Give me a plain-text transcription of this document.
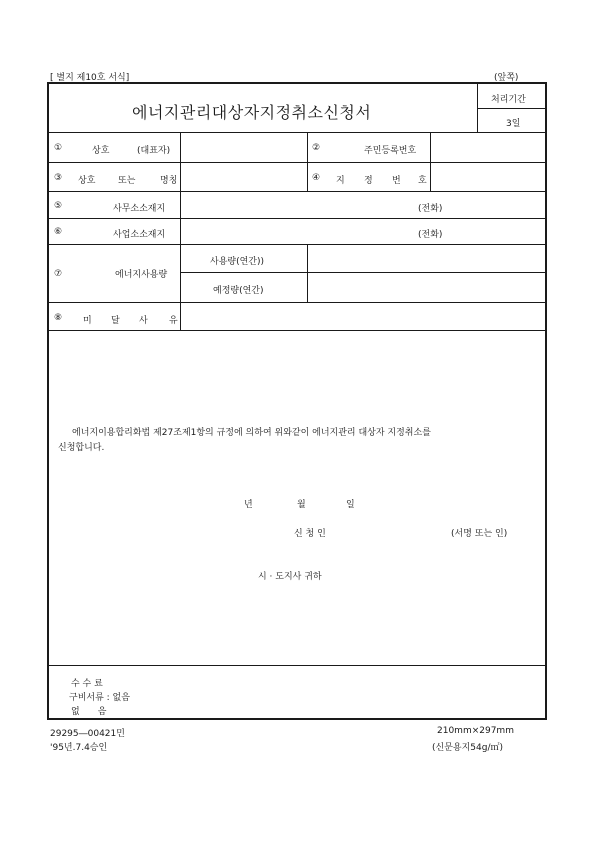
[ 별지 제10호 서식]	(앞쪽)
에너지관리대상자지정취소신청서
처리기간
3일
①	상호	(대표자)	②	주민등록번호
③ 상호	또는	명칭	④ 지 정 번 호
⑤	사무소소재지	(전화)
⑥	사업소소재지	(전화)
⑦	에너지사용량
사용량(연간))
예정량(연간)
⑧ 미 달 사 유
에너지이용합리화법 제27조제1항의 규정에 의하여 위와같이 에너지관리 대상자 지정취소를
신청합니다.
년	월	일
신 청 인	(서명 또는 인)
시 · 도지사 귀하
수 수 료
구비서류 : 없음
없　　음
29295―00421민
'95년.7.4승인
210mm×297mm
(신문용지54g/㎡)
